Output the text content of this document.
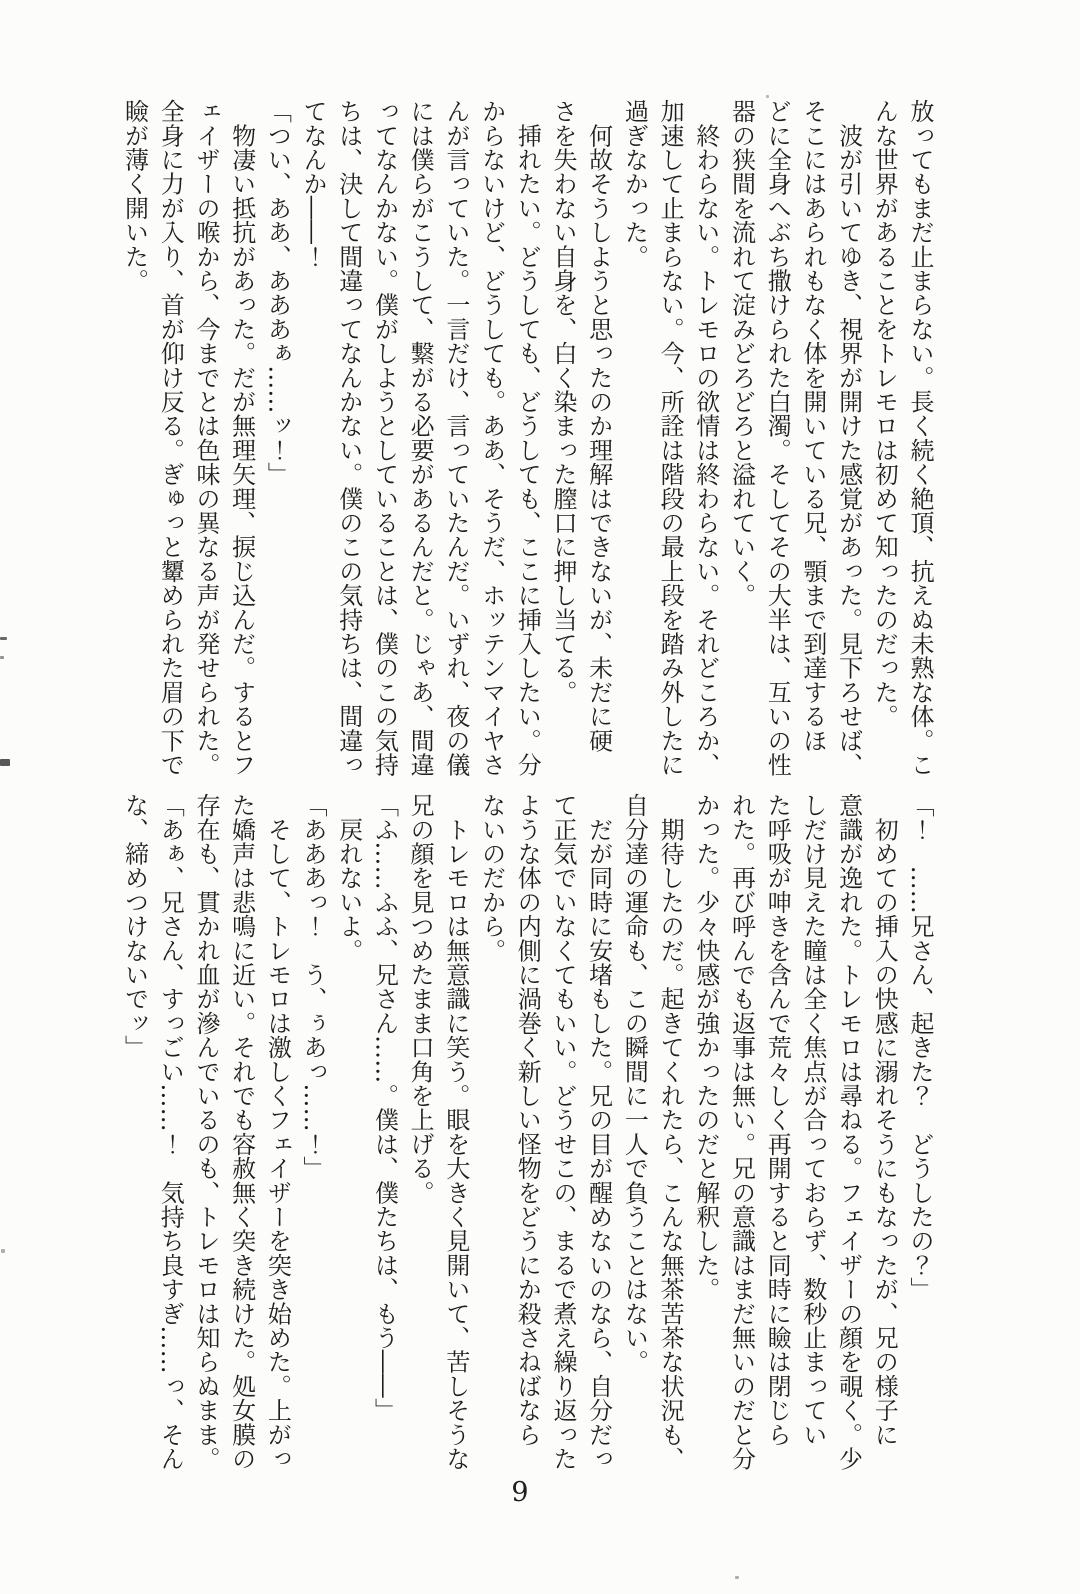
放ってもまだ止まらない。長く続く絶頂、抗えぬ未熟な体。こ

んな世界があることをトレモロは初めて知ったのだった。

　波が引いてゆき、視界が開けた感覚があった。見下ろせば、

そこにはあられもなく体を開いている兄、顎まで到達するほ

どに全身へぶち撒けられた白濁。そしてその大半は、互いの性

器の狭間を流れて淀みどろどろと溢れていく。

　終わらない。トレモロの欲情は終わらない。それどころか、

加速して止まらない。今、所詮は階段の最上段を踏み外したに

過ぎなかった。

　何故そうしようと思ったのか理解はできないが、未だに硬

さを失わない自身を、白く染まった膣口に押し当てる。

　挿れたい。どうしても、どうしても、ここに挿入したい。分

からないけど、どうしても。ああ、そうだ、ホッテンマイヤさ

んが言っていた。一言だけ、言っていたんだ。いずれ、夜の儀

には僕らがこうして、繋がる必要があるんだと。じゃあ、間違

ってなんかない。僕がしようとしていることは、僕のこの気持

ちは、決して間違ってなんかない。僕のこの気持ちは、間違っ

てなんか――！

「つい、ああ、あああぁ……ッ！」

　物凄い抵抗があった。だが無理矢理、捩じ込んだ。するとフ

ェイザーの喉から、今までとは色味の異なる声が発せられた。

全身に力が入り、首が仰け反る。ぎゅっと顰められた眉の下で

瞼が薄く開いた。

「！　……兄さん、起きた？　どうしたの？」

　初めての挿入の快感に溺れそうにもなったが、兄の様子に

意識が逸れた。トレモロは尋ねる。フェイザーの顔を覗く。少

しだけ見えた瞳は全く焦点が合っておらず、数秒止まってい

た呼吸が呻きを含んで荒々しく再開すると同時に瞼は閉じら

れた。再び呼んでも返事は無い。兄の意識はまだ無いのだと分

かった。少々快感が強かったのだと解釈した。

　期待したのだ。起きてくれたら、こんな無茶苦茶な状況も、

自分達の運命も、この瞬間に一人で負うことはない。

　だが同時に安堵もした。兄の目が醒めないのなら、自分だっ

て正気でいなくてもいい。どうせこの、まるで煮え繰り返った

ような体の内側に渦巻く新しい怪物をどうにか殺さねばなら

ないのだから。

　トレモロは無意識に笑う。眼を大きく見開いて、苦しそうな

兄の顔を見つめたまま口角を上げる。

「ふ……ふふ、兄さん……。僕は、僕たちは、もう――」

　戻れないよ。

「あああっ！　う、ぅあっ……！」

　そして、トレモロは激しくフェイザーを突き始めた。上がっ

た嬌声は悲鳴に近い。それでも容赦無く突き続けた。処女膜の

存在も、貫かれ血が滲んでいるのも、トレモロは知らぬまま。

「あぁ、兄さん、すっごい……！　気持ち良すぎ……っ、そん

な、締めつけないでッ」

9
